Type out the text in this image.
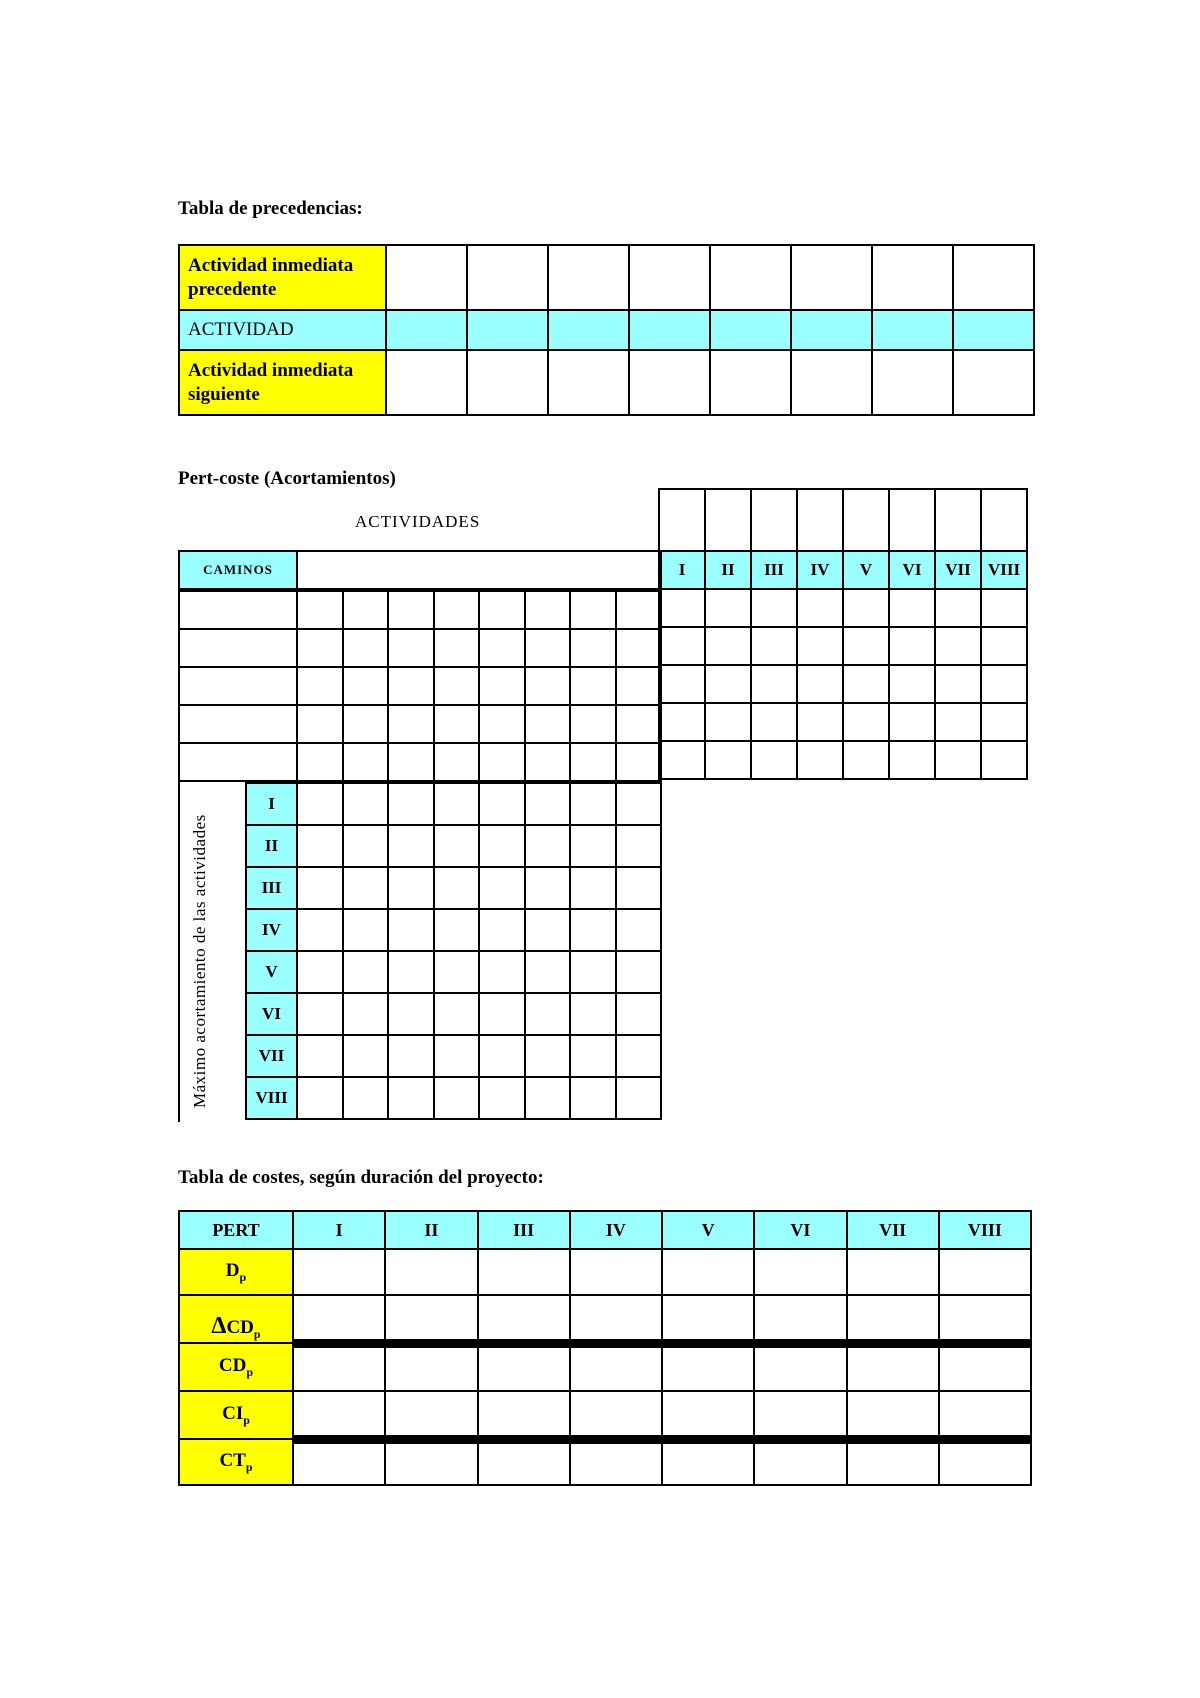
Tabla de precedencias:
Actividad inmediata precedente								
ACTIVIDAD								
Actividad inmediata siguiente								
Pert-coste (Acortamientos)
ACTIVIDADES

I	II	III	IV	V	VI	VII	VIII

CAMINOS	

Máximo acortamiento de las actividades
I								
II								
III								
IV								
V								
VI								
VII								
VIII								
Tabla de costes, según duración del proyecto:
PERT	I	II	III	IV	V	VI	VII	VIII
$D_p$								
$\Delta CD_p$								
$CD_p$								
$CI_p$								
$CT_p$								
